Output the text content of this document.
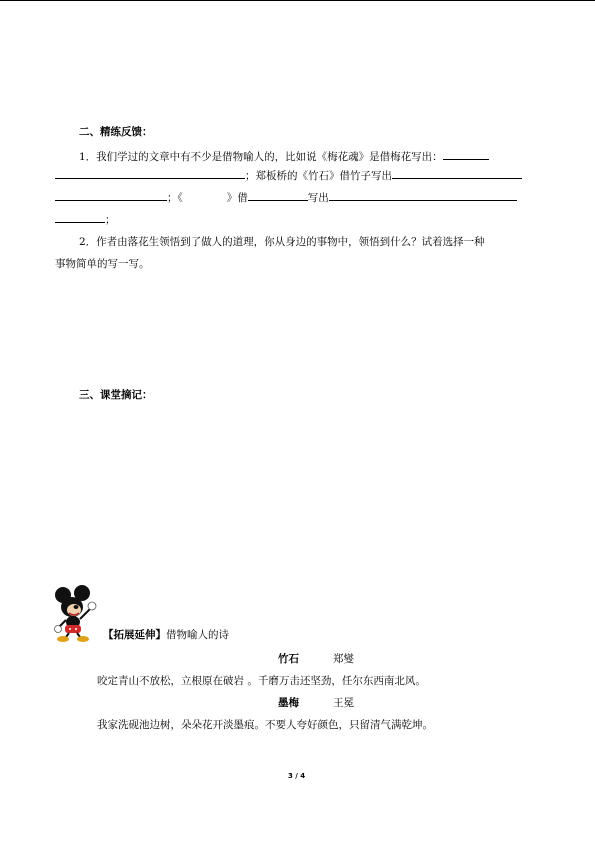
二、精练反馈：
1．我们学过的文章中有不少是借物喻人的，比如说《梅花魂》是借梅花写出：
；郑板桥的《竹石》借竹子写出
；《	》借	写出
；
2．作者由落花生领悟到了做人的道理，你从身边的事物中，领悟到什么？试着选择一种
事物简单的写一写。
三、课堂摘记：
【拓展延伸】借物喻人的诗
竹石	郑燮
咬定青山不放松，立根原在破岩 。千磨万击还坚劲，任尔东西南北风。
墨梅	王冕
我家洗砚池边树，朵朵花开淡墨痕。不要人夸好颜色，只留清气满乾坤。
3 / 4
